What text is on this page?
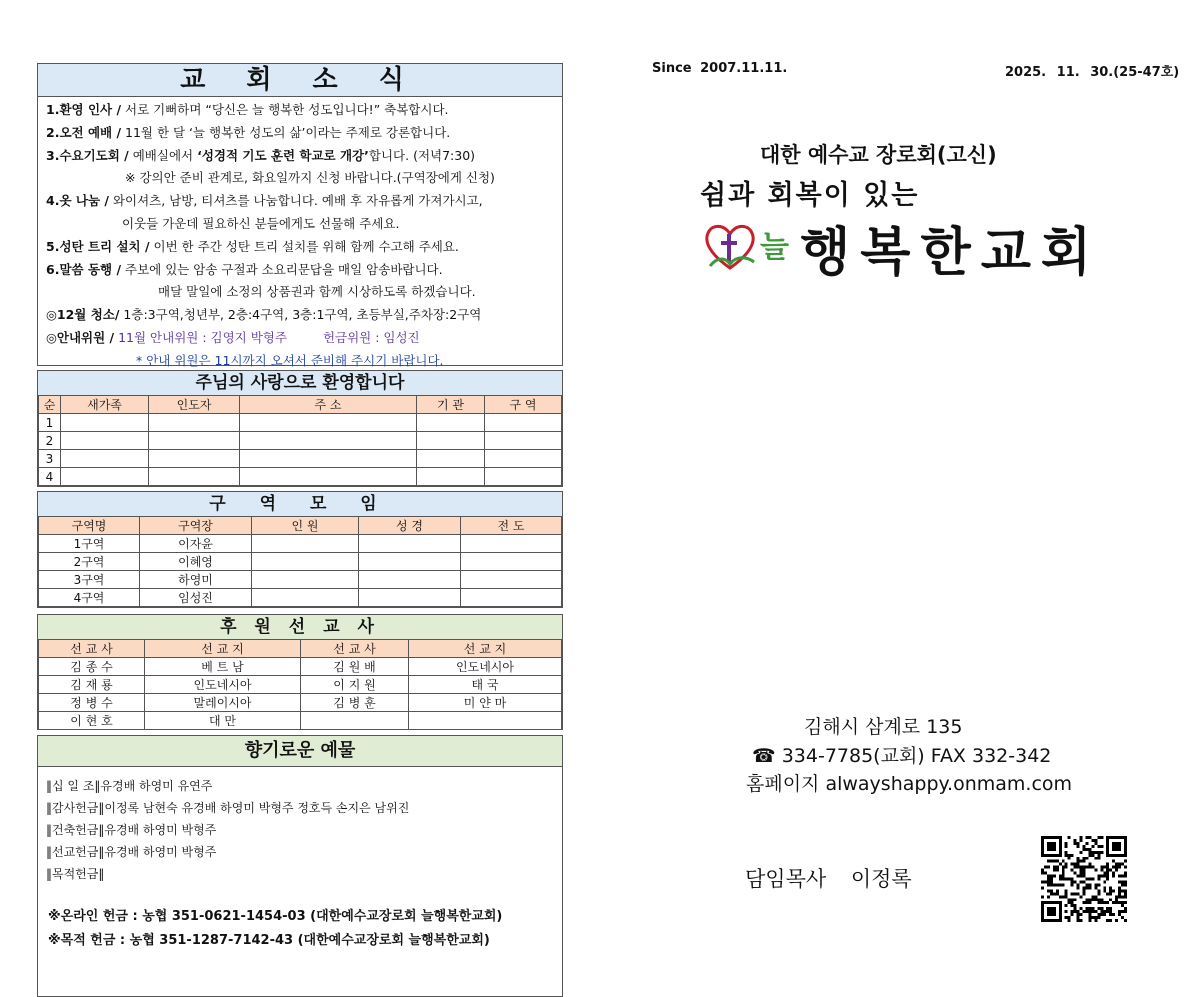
교 회 소 식
1.환영 인사 / 서로 기뻐하며 “당신은 늘 행복한 성도입니다!” 축복합시다.
2.오전 예배 / 11월 한 달 ‘늘 행복한 성도의 삶’이라는 주제로 강론합니다.
3.수요기도회 / 예배실에서 ‘성경적 기도 훈련 학교로 개강’합니다. (저녁7:30)
※ 강의안 준비 관계로, 화요일까지 신청 바랍니다.(구역장에게 신청)
4.옷 나눔 / 와이셔츠, 남방, 티셔츠를 나눔합니다. 예배 후 자유롭게 가져가시고,
이웃들 가운데 필요하신 분들에게도 선물해 주세요.
5.성탄 트리 설치 / 이번 한 주간 성탄 트리 설치를 위해 함께 수고해 주세요.
6.말씀 동행 / 주보에 있는 암송 구절과 소요리문답을 매일 암송바랍니다.
매달 말일에 소정의 상품권과 함께 시상하도록 하겠습니다.
◎12월 청소/ 1층:3구역,청년부, 2층:4구역, 3층:1구역, 초등부실,주차장:2구역
◎안내위원 / 11월 안내위원 : 김영지 박형주	헌금위원 : 임성진
* 안내 위원은 11시까지 오셔서 준비해 주시기 바랍니다.
주님의 사랑으로 환영합니다
순	새가족	인도자	주 소	기 관	구 역
1					
2					
3					
4					
구 역 모 임
구역명	구역장	인 원	성 경	전 도
1구역	이자윤			
2구역	이혜영			
3구역	하영미			
4구역	임성진			
후 원 선 교 사
선 교 사	선 교 지	선 교 사	선 교 지
김 종 수	베 트 남	김 원 배	인도네시아
김 재 룡	인도네시아	이 지 원	태 국
정 병 수	말레이시아	김 병 훈	미 얀 마
이 현 호	대 만		
향기로운 예물
‖십 일 조‖유경배 하영미 유연주
‖감사헌금‖이정록 남현숙 유경배 하영미 박형주 정호득 손지은 남위진
‖건축헌금‖유경배 하영미 박형주
‖선교헌금‖유경배 하영미 박형주
‖목적헌금‖
※온라인 헌금 : 농협 351-0621-1454-03 (대한예수교장로회 늘행복한교회)
※목적 헌금 : 농협 351-1287-7142-43 (대한예수교장로회 늘행복한교회)
Since 2007.11.11.	2025. 11. 30.(25-47호)
대한 예수교 장로회(고신)
쉼과 회복이 있는
늘 행복한교회
김해시 삼계로 135
☎ 334-7785(교회) FAX 332-342
홈페이지 alwayshappy.onmam.com
담임목사 이정록
